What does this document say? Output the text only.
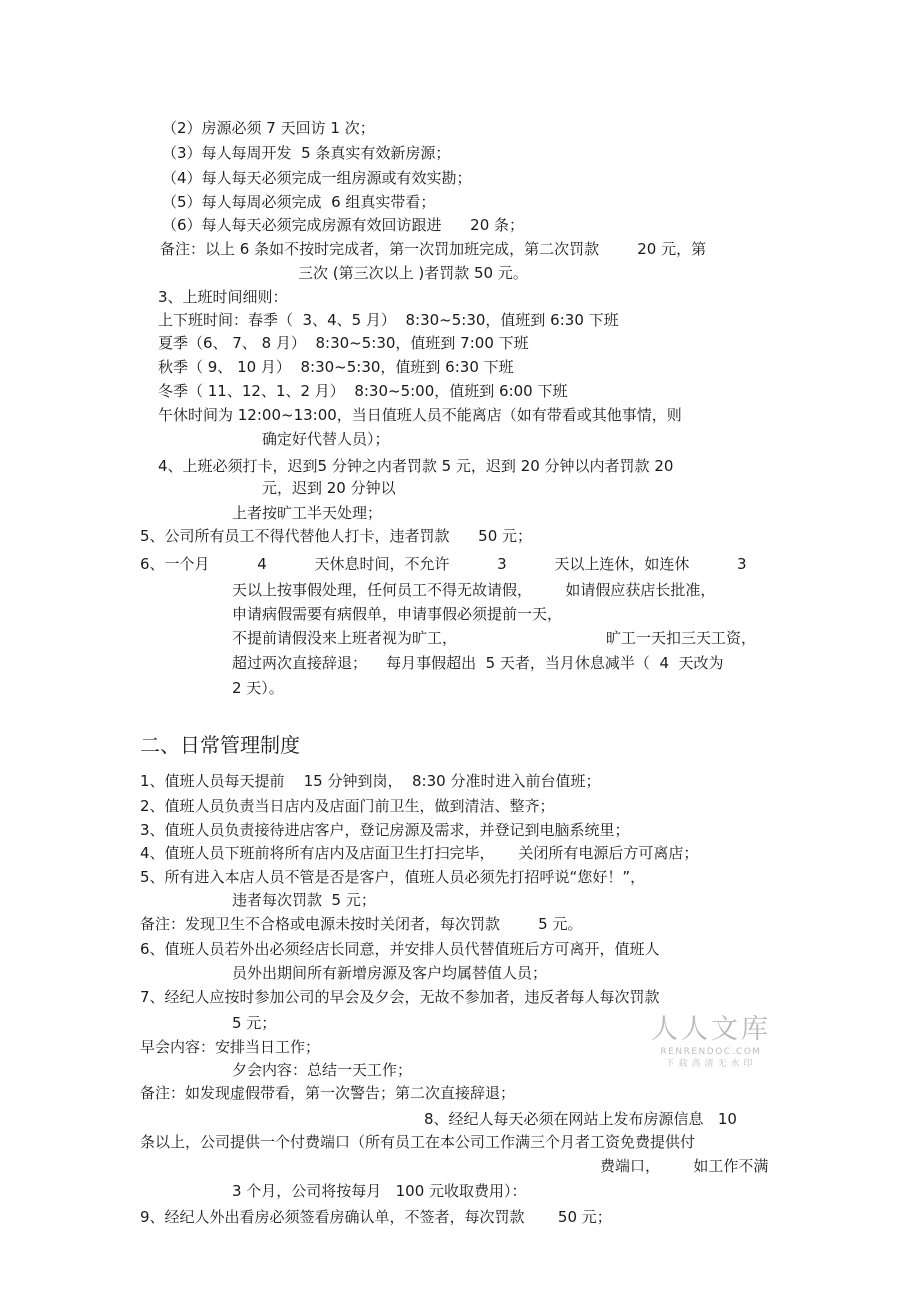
（2）房源必须 7 天回访 1 次；
（3）每人每周开发  5 条真实有效新房源；
（4）每人每天必须完成一组房源或有效实勘；
（5）每人每周必须完成  6 组真实带看；
（6）每人每天必须完成房源有效回访跟进      20 条；
备注：以上 6 条如不按时完成者，第一次罚加班完成，第二次罚款        20 元，第
三次 (第三次以上 )者罚款 50 元。
3、上班时间细则：
上下班时间：春季（  3、4、5 月）  8:30~5:30，值班到 6:30 下班
夏季（6、 7、 8 月）  8:30~5:30，值班到 7:00 下班
秋季（ 9、 10 月）  8:30~5:30，值班到 6:30 下班
冬季（ 11、12、1、2 月）  8:30~5:00，值班到 6:00 下班
午休时间为 12:00~13:00，当日值班人员不能离店（如有带看或其他事情，则
确定好代替人员）；
4、上班必须打卡，迟到5 分钟之内者罚款 5 元，迟到 20 分钟以内者罚款 20
元，迟到 20 分钟以
上者按旷工半天处理；
5、公司所有员工不得代替他人打卡，违者罚款      50 元；
6、一个月          4          天休息时间，不允许          3          天以上连休，如连休          3
天以上按事假处理，任何员工不得无故请假，       如请假应获店长批准，
申请病假需要有病假单，申请事假必须提前一天，
不提前请假没来上班者视为旷工，	旷工一天扣三天工资，
超过两次直接辞退；    每月事假超出  5 天者，当月休息减半（  4  天改为
2 天）。
二、日常管理制度
1、值班人员每天提前    15 分钟到岗，  8:30 分准时进入前台值班；
2、值班人员负责当日店内及店面门前卫生，做到清洁、整齐；
3、值班人员负责接待进店客户，登记房源及需求，并登记到电脑系统里；
4、值班人员下班前将所有店内及店面卫生打扫完毕，     关闭所有电源后方可离店；
5、所有进入本店人员不管是否是客户，值班人员必须先打招呼说“您好！”，
违者每次罚款  5 元；
备注：发现卫生不合格或电源未按时关闭者，每次罚款        5 元。
6、值班人员若外出必须经店长同意，并安排人员代替值班后方可离开，值班人
员外出期间所有新增房源及客户均属替值人员；
7、经纪人应按时参加公司的早会及夕会，无故不参加者，违反者每人每次罚款
5 元；
早会内容：安排当日工作；
夕会内容：总结一天工作；
备注：如发现虚假带看，第一次警告；第二次直接辞退；
8、经纪人每天必须在网站上发布房源信息   10
条以上，公司提供一个付费端口（所有员工在本公司工作满三个月者工资免费提供付
费端口，       如工作不满
3 个月，公司将按每月   100 元收取费用）：
9、经纪人外出看房必须签看房确认单，不签者，每次罚款       50 元；
人人文库
RENRENDOC.COM
下载高清无水印
